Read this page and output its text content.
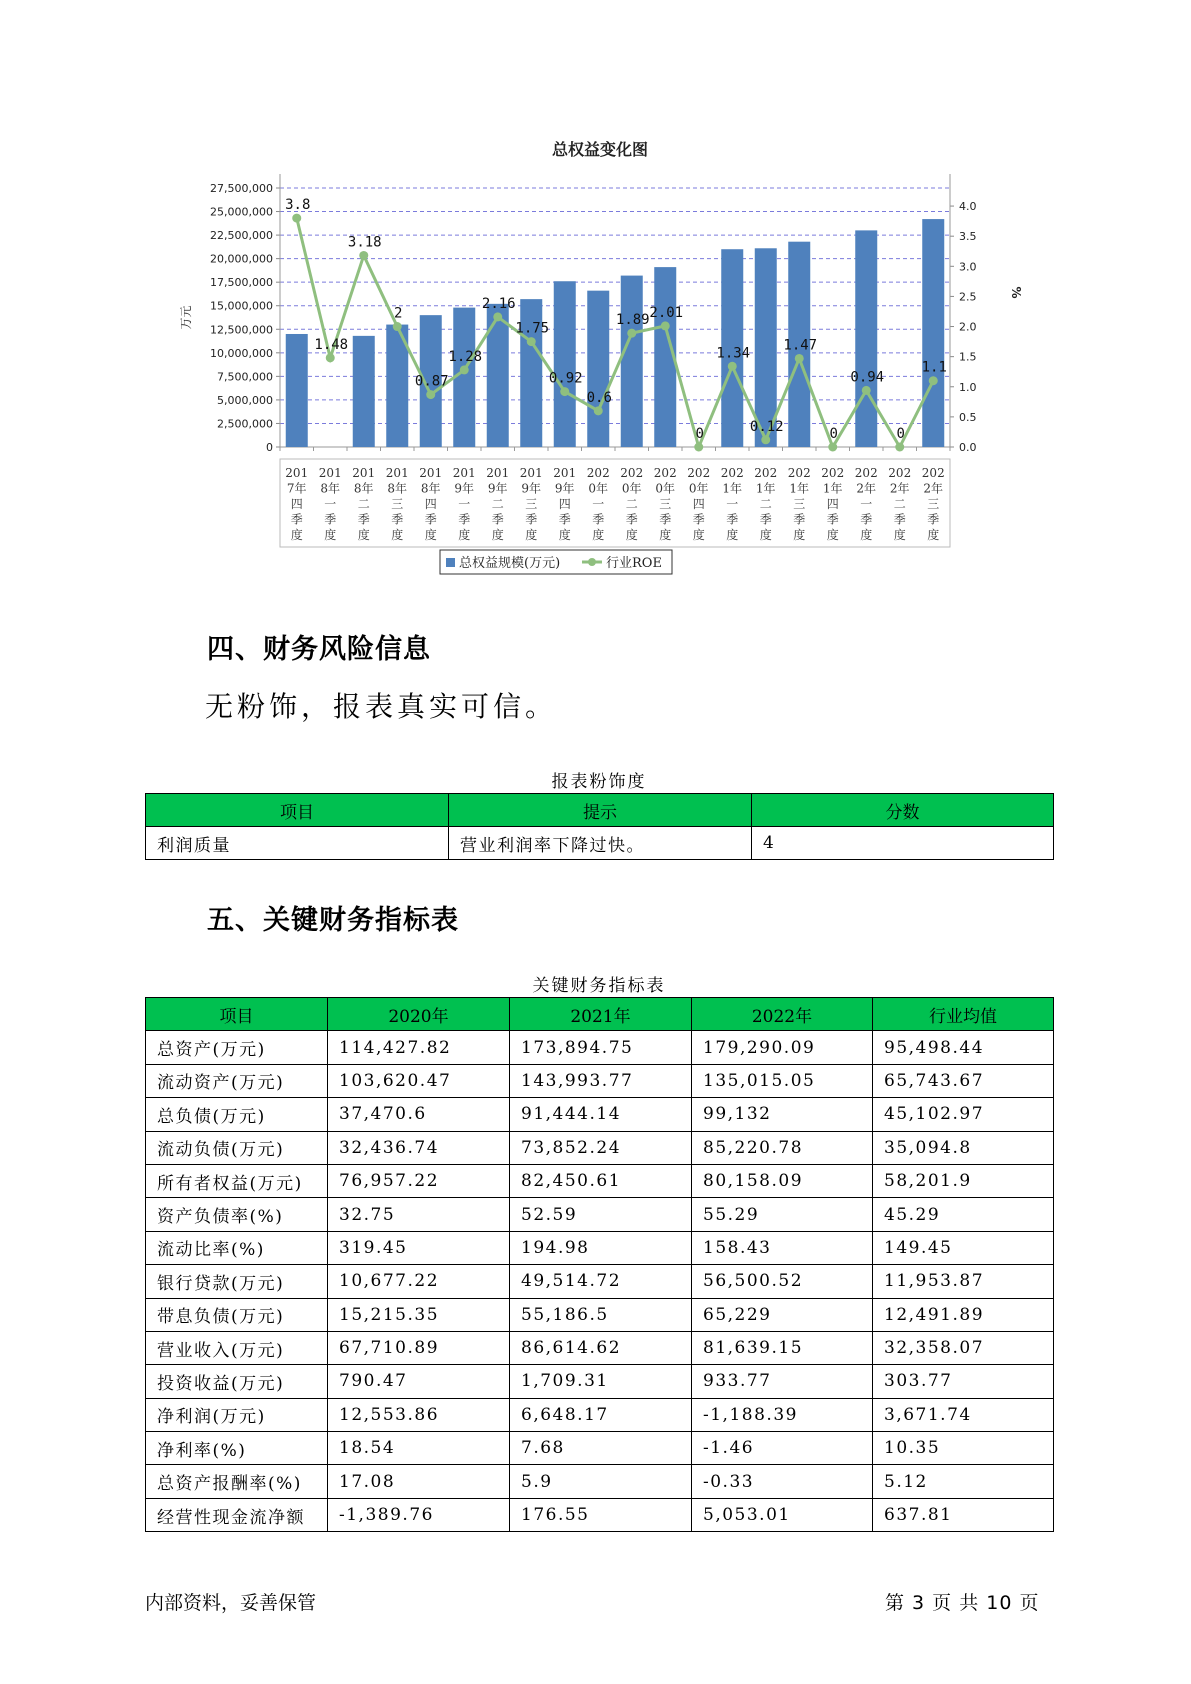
总权益变化图
27,500,000
25,000,000
22,500,000
20,000,000
17,500,000
15,000,000
12,500,000
10,000,000
7,500,000
5,000,000
2,500,000
0
4.0
3.5
3.0
2.5
2.0
1.5
1.0
0.5
0.0
万元
%
201
7年
四
季
度
201
8年
一
季
度
201
8年
二
季
度
201
8年
三
季
度
201
8年
四
季
度
201
9年
一
季
度
201
9年
二
季
度
201
9年
三
季
度
201
9年
四
季
度
202
0年
一
季
度
202
0年
二
季
度
202
0年
三
季
度
202
0年
四
季
度
202
1年
一
季
度
202
1年
二
季
度
202
1年
三
季
度
202
1年
四
季
度
202
2年
一
季
度
202
2年
二
季
度
202
2年
三
季
度
3.8
1.48
3.18
2
0.87
1.28
2.16
1.75
0.92
0.6
1.89 2.01
0
1.34
0.12
1.47
0
0.94
0
1.1
总权益规模(万元)	行业ROE
四、财务风险信息

无粉饰，报表真实可信。

报表粉饰度
项目	提示	分数
利润质量	营业利润率下降过快。	4
五、关键财务指标表
关键财务指标表
项目	2020年	2021年	2022年	行业均值
总资产(万元)	114,427.82	173,894.75	179,290.09	95,498.44
流动资产(万元)	103,620.47	143,993.77	135,015.05	65,743.67
总负债(万元)	37,470.6	91,444.14	99,132	45,102.97
流动负债(万元)	32,436.74	73,852.24	85,220.78	35,094.8
所有者权益(万元)	76,957.22	82,450.61	80,158.09	58,201.9
资产负债率(%)	32.75	52.59	55.29	45.29
流动比率(%)	319.45	194.98	158.43	149.45
银行贷款(万元)	10,677.22	49,514.72	56,500.52	11,953.87
带息负债(万元)	15,215.35	55,186.5	65,229	12,491.89
营业收入(万元)	67,710.89	86,614.62	81,639.15	32,358.07
投资收益(万元)	790.47	1,709.31	933.77	303.77
净利润(万元)	12,553.86	6,648.17	-1,188.39	3,671.74
净利率(%)	18.54	7.68	-1.46	10.35
总资产报酬率(%)	17.08	5.9	-0.33	5.12
经营性现金流净额	-1,389.76	176.55	5,053.01	637.81
内部资料，妥善保管	第 3 页 共 10 页
